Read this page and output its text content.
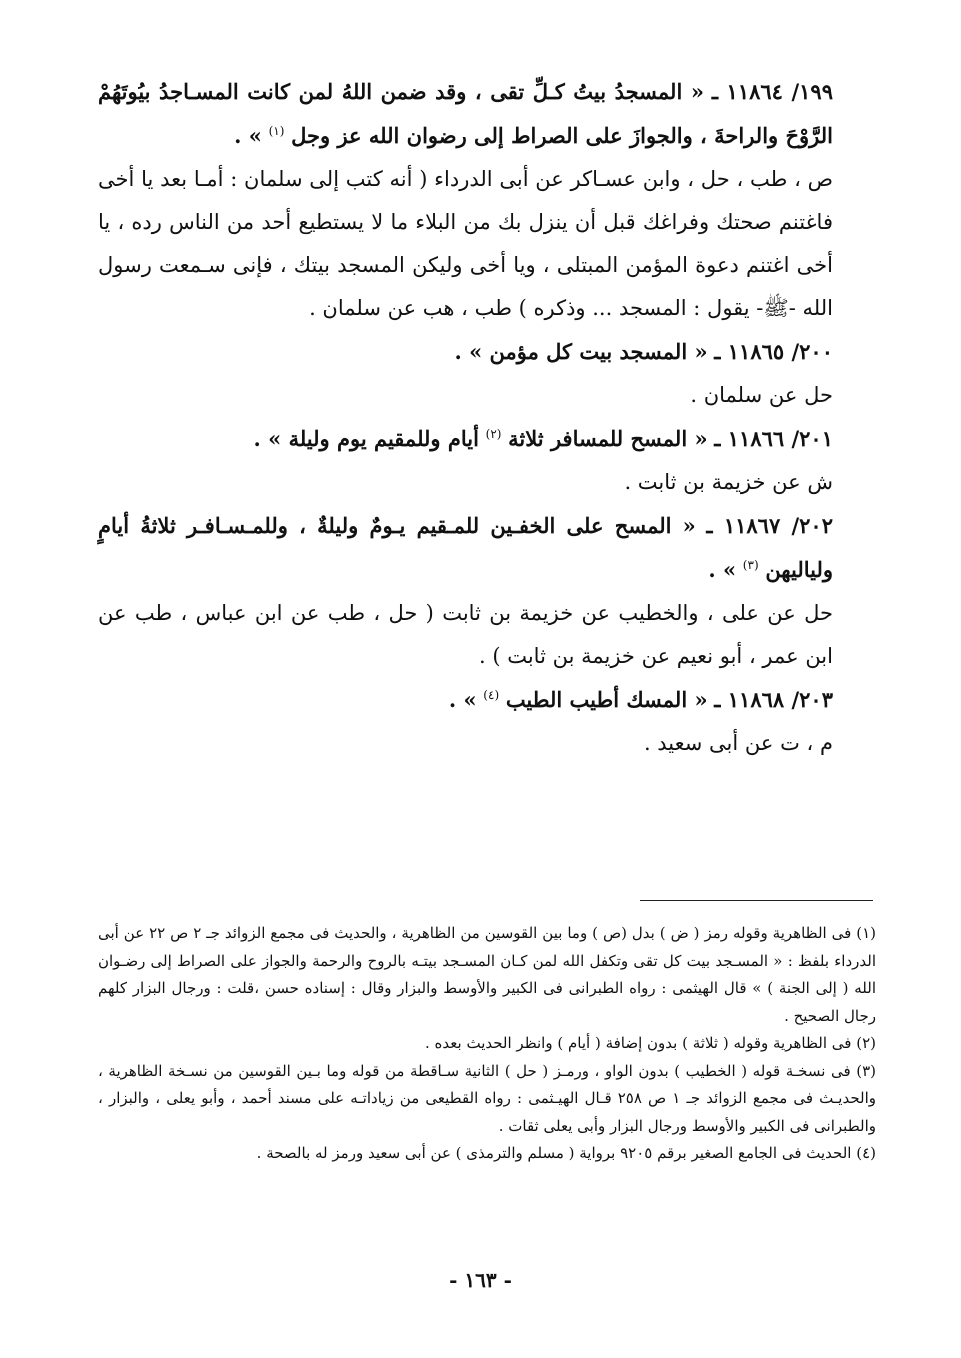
١٩٩/ ١١٨٦٤ ـ « المسجدُ بيتُ كـلِّ تقى ، وقد ضمن اللهُ لمن كانت المسـاجدُ بيُوتَهُمْ الرَّوْحَ والراحةَ ، والجوازَ على الصراط إلى رضوان الله عز وجل $^{(١)}$ » .

ص ، طب ، حل ، وابن عسـاكر عن أبى الدرداء ( أنه كتب إلى سلمان : أمـا بعد يا أخى فاغتنم صحتك وفراغك قبل أن ينزل بك من البلاء ما لا يستطيع أحد من الناس رده ، يا أخى اغتنم دعوة المؤمن المبتلى ، ويا أخى وليكن المسجد بيتك ، فإنى سـمعت رسول الله -ﷺ- يقول : المسجد ... وذكره ) طب ، هب عن سلمان .

٢٠٠/ ١١٨٦٥ ـ « المسجد بيت كل مؤمن » .

حل عن سلمان .

٢٠١/ ١١٨٦٦ ـ « المسح للمسافر ثلاثة $^{(٢)}$ أيام وللمقيم يوم وليلة » .

ش عن خزيمة بن ثابت .

٢٠٢/ ١١٨٦٧ ـ « المسح على الخفـين للمـقيم يـومٌ وليلةٌ ، وللمـسـافـر ثلاثةُ أيامٍ ولياليهن $^{(٣)}$ » .

حل عن على ، والخطيب عن خزيمة بن ثابت ( حل ، طب عن ابن عباس ، طب عن ابن عمر ، أبو نعيم عن خزيمة بن ثابت ) .

٢٠٣/ ١١٨٦٨ ـ « المسك أطيب الطيب $^{(٤)}$ » .

م ، ت عن أبى سعيد .

(١) فى الظاهرية وقوله رمز ( ض ) بدل (ص ) وما بين القوسين من الظاهرية ، والحديث فى مجمع الزوائد جـ ٢ ص ٢٢ عن أبى الدرداء بلفظ : « المسـجد بيت كل تقى وتكفل الله لمن كـان المسـجد بيتـه بالروح والرحمة والجواز على الصراط إلى رضـوان الله ( إلى الجنة ) » قال الهيثمى : رواه الطبرانى فى الكبير والأوسط والبزار وقال : إسناده حسن ،قلت : ورجال البزار كلهم رجال الصحيح .

(٢) فى الظاهرية وقوله ( ثلاثة ) بدون إضافة ( أيام ) وانظر الحديث بعده .

(٣) فى نسخـة قوله ( الخطيب ) بدون الواو ، ورمـز ( حل ) الثانية سـاقطة من قوله وما بـين القوسين من نسـخة الظاهرية ، والحديـث فى مجمع الزوائد جـ ١ ص ٢٥٨ قـال الهيـثمى : رواه القطيعى من زياداتـه على مسند أحمد ، وأبو يعلى ، والبزار ، والطبرانى فى الكبير والأوسط ورجال البزار وأبى يعلى ثقات .

(٤) الحديث فى الجامع الصغير برقم ٩٢٠٥ برواية ( مسلم والترمذى ) عن أبى سعيد ورمز له بالصحة .

- ١٦٣ -
